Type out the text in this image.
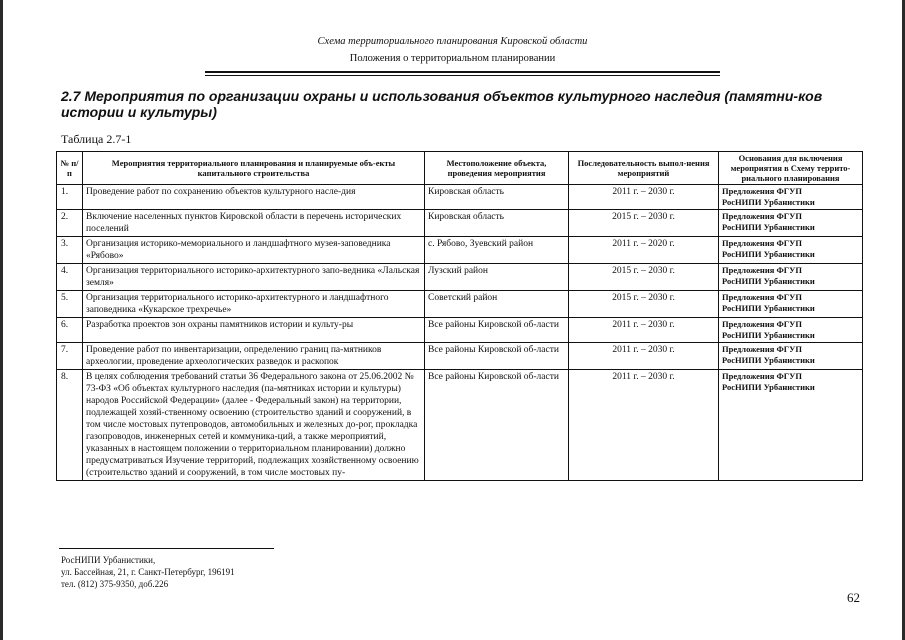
Схема территориального планирования Кировской области
Положения о территориальном планировании
2.7 Мероприятия по организации охраны и использования объектов культурного наследия (памятни-ков истории и культуры)
Таблица 2.7-1
№ п/п	Мероприятия территориального планирования и планируемые объ-екты капитального строительства	Местоположение объекта, проведения мероприятия	Последовательность выпол-нения мероприятий	Основания для включения мероприятия в Схему террито-риального планирования
1.	Проведение работ по сохранению объектов культурного насле-дия	Кировская область	2011 г. – 2030 г.	Предложения ФГУП
РосНИПИ Урбанистики

2.	Включение населенных пунктов Кировской области в перечень исторических поселений	Кировская область	2015 г. – 2030 г.	Предложения ФГУП
РосНИПИ Урбанистики

3.	Организация историко-мемориального и ландшафтного музея-заповедника «Рябово»	с. Рябово, Зуевский район	2011 г. – 2020 г.	Предложения ФГУП
РосНИПИ Урбанистики

4.	Организация территориального историко-архитектурного запо-ведника «Лальская земля»	Лузский район	2015 г. – 2030 г.	Предложения ФГУП
РосНИПИ Урбанистики

5.	Организация территориального историко-архитектурного и ландшафтного заповедника «Кукарское трехречье»	Советский район	2015 г. – 2030 г.	Предложения ФГУП
РосНИПИ Урбанистики

6.	Разработка проектов зон охраны памятников истории и культу-ры	Все районы Кировской об-ласти	2011 г. – 2030 г.	Предложения ФГУП
РосНИПИ Урбанистики

7.	Проведение работ по инвентаризации, определению границ па-мятников археологии, проведение археологических разведок и раскопок	Все районы Кировской об-ласти	2011 г. – 2030 г.	Предложения ФГУП
РосНИПИ Урбанистики

8.	В целях соблюдения требований статьи 36 Федерального закона от 25.06.2002 № 73-ФЗ «Об объектах культурного наследия (па-мятниках истории и культуры) народов Российской Федерации» (далее - Федеральный закон) на территории, подлежащей хозяй-ственному освоению (строительство зданий и сооружений, в том числе мостовых путепроводов, автомобильных и железных до-рог, прокладка газопроводов, инженерных сетей и коммуника-ций, а также мероприятий, указанных в настоящем положении о территориальном планировании) должно предусматриваться Изучение территорий, подлежащих хозяйственному освоению (строительство зданий и сооружений, в том числе мостовых пу-	Все районы Кировской об-ласти	2011 г. – 2030 г.	Предложения ФГУП
РосНИПИ Урбанистики
РосНИПИ Урбанистики,
ул. Бассейная, 21, г. Санкт-Петербург, 196191
тел. (812) 375-9350, доб.226
62
